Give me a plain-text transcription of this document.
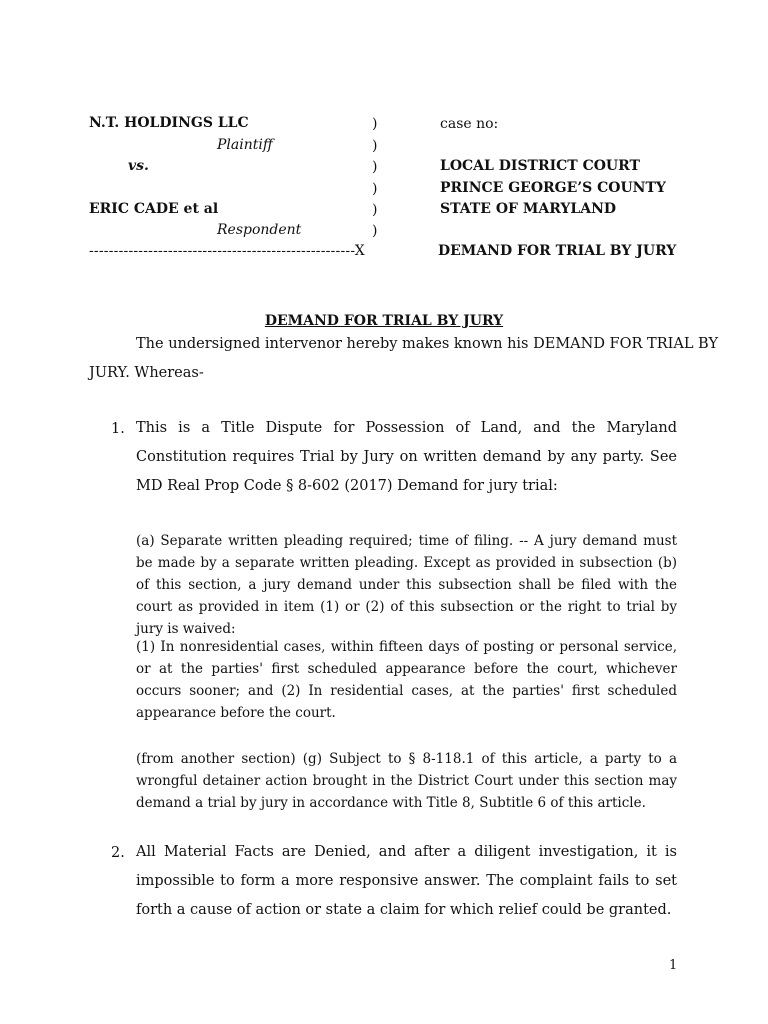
N.T. HOLDINGS LLC
Plaintiff
vs.
ERIC CADE et al
Respondent
------------------------------------------------------X
)
)
)
)
)
)
case no:
LOCAL DISTRICT COURT
PRINCE GEORGE’S COUNTY
STATE OF MARYLAND
DEMAND FOR TRIAL BY JURY
DEMAND FOR TRIAL BY JURY
The undersigned intervenor hereby makes known his DEMAND FOR TRIAL BY
JURY. Whereas-
1. This is a Title Dispute for Possession of Land, and the Maryland Constitution requires Trial by Jury on written demand by any party. See MD Real Prop Code § 8-602 (2017) Demand for jury trial:
(a) Separate written pleading required; time of filing. -- A jury demand must be made by a separate written pleading. Except as provided in subsection (b) of this section, a jury demand under this subsection shall be filed with the court as provided in item (1) or (2) of this subsection or the right to trial by jury is waived:
(1) In nonresidential cases, within fifteen days of posting or personal service, or at the parties' first scheduled appearance before the court, whichever occurs sooner; and (2) In residential cases, at the parties' first scheduled appearance before the court.
(from another section) (g) Subject to § 8-118.1 of this article, a party to a wrongful detainer action brought in the District Court under this section may demand a trial by jury in accordance with Title 8, Subtitle 6 of this article.
2. All Material Facts are Denied, and after a diligent investigation, it is impossible to form a more responsive answer. The complaint fails to set forth a cause of action or state a claim for which relief could be granted.
1
